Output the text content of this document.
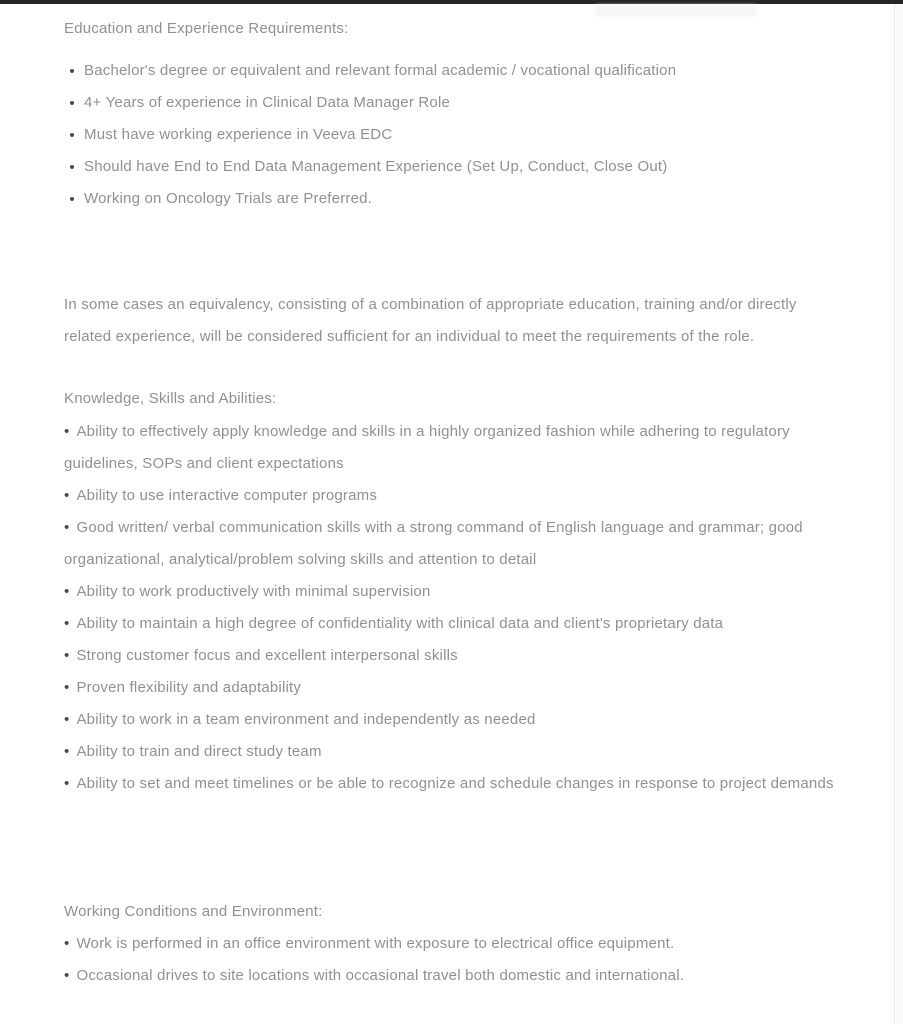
Education and Experience Requirements:
Bachelor's degree or equivalent and relevant formal academic / vocational qualification
4+ Years of experience in Clinical Data Manager Role
Must have working experience in Veeva EDC
Should have End to End Data Management Experience (Set Up, Conduct, Close Out)
Working on Oncology Trials are Preferred.

In some cases an equivalency, consisting of a combination of appropriate education, training and/or directly related experience, will be considered sufficient for an individual to meet the requirements of the role.

Knowledge, Skills and Abilities:
• Ability to effectively apply knowledge and skills in a highly organized fashion while adhering to regulatory guidelines, SOPs and client expectations
• Ability to use interactive computer programs
• Good written/ verbal communication skills with a strong command of English language and grammar; good organizational, analytical/problem solving skills and attention to detail
• Ability to work productively with minimal supervision
• Ability to maintain a high degree of confidentiality with clinical data and client's proprietary data
• Strong customer focus and excellent interpersonal skills
• Proven flexibility and adaptability
• Ability to work in a team environment and independently as needed
• Ability to train and direct study team
• Ability to set and meet timelines or be able to recognize and schedule changes in response to project demands
Working Conditions and Environment:
• Work is performed in an office environment with exposure to electrical office equipment.
• Occasional drives to site locations with occasional travel both domestic and international.
